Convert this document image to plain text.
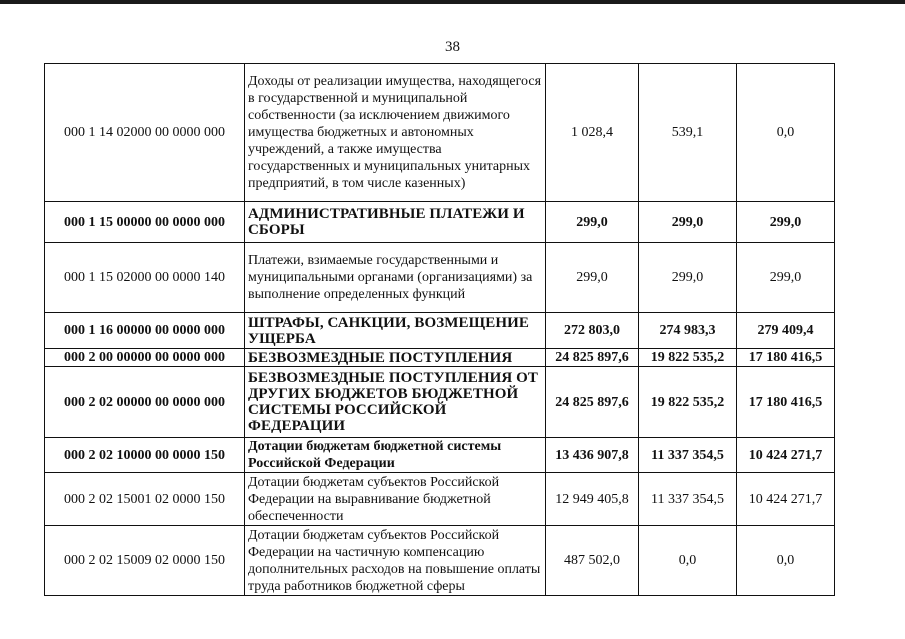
38
000 1 14 02000 00 0000 000	Доходы от реализации имущества, находящегося в государственной и муниципальной собственности (за исключением движимого имущества бюджетных и автономных учреждений, а также имущества государственных и муниципальных унитарных предприятий, в том числе казенных)	1 028,4	539,1	0,0
000 1 15 00000 00 0000 000	АДМИНИСТРАТИВНЫЕ ПЛАТЕЖИ И СБОРЫ	299,0	299,0	299,0
000 1 15 02000 00 0000 140	Платежи, взимаемые государственными и муниципальными органами (организациями) за выполнение определенных функций	299,0	299,0	299,0
000 1 16 00000 00 0000 000	ШТРАФЫ, САНКЦИИ, ВОЗМЕЩЕНИЕ УЩЕРБА	272 803,0	274 983,3	279 409,4
000 2 00 00000 00 0000 000	БЕЗВОЗМЕЗДНЫЕ ПОСТУПЛЕНИЯ	24 825 897,6	19 822 535,2	17 180 416,5
000 2 02 00000 00 0000 000	БЕЗВОЗМЕЗДНЫЕ ПОСТУПЛЕНИЯ ОТ ДРУГИХ БЮДЖЕТОВ БЮДЖЕТНОЙ СИСТЕМЫ РОССИЙСКОЙ ФЕДЕРАЦИИ	24 825 897,6	19 822 535,2	17 180 416,5
000 2 02 10000 00 0000 150	Дотации бюджетам бюджетной системы Российской Федерации	13 436 907,8	11 337 354,5	10 424 271,7
000 2 02 15001 02 0000 150	Дотации бюджетам субъектов Российской Федерации на выравнивание бюджетной обеспеченности	12 949 405,8	11 337 354,5	10 424 271,7
000 2 02 15009 02 0000 150	Дотации бюджетам субъектов Российской Федерации на частичную компенсацию дополнительных расходов на повышение оплаты труда работников бюджетной сферы	487 502,0	0,0	0,0
